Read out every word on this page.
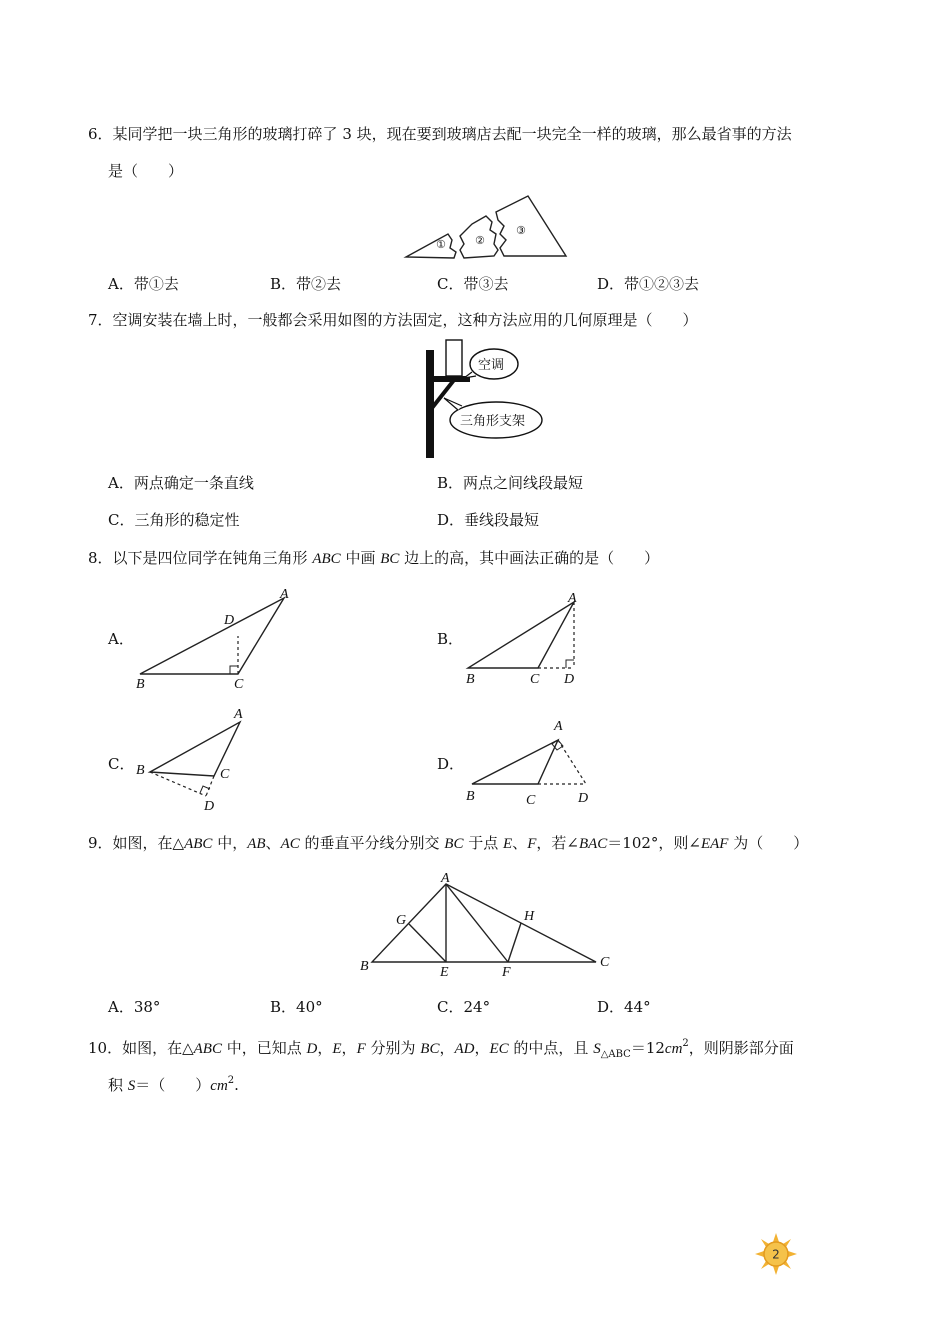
6．某同学把一块三角形的玻璃打碎了 3 块，现在要到玻璃店去配一块完全一样的玻璃，那么最省事的方法
是（　　）
①	②
③
A．带①去	B．带②去	C．带③去	D．带①②③去
7．空调安装在墙上时，一般都会采用如图的方法固定，这种方法应用的几何原理是（　　）
空调
三角形支架
A．两点确定一条直线	B．两点之间线段最短
C．三角形的稳定性	D．垂线段最短
8．以下是四位同学在钝角三角形 ABC 中画 BC 边上的高，其中画法正确的是（　　）
A．
A
B	C
D
B．
A
B	C D
C．
A
B	C
D
D．
A
B	C	D
9．如图，在△ABC 中，AB、AC 的垂直平分线分别交 BC 于点 E、F，若∠BAC＝102°，则∠EAF 为（　　）
A
B	C
E	F
G	H
A．38°	B．40°	C．24°	D．44°
10．如图，在△ABC 中，已知点 D，E，F 分别为 BC，AD，EC 的中点，且 $S_{\triangle ABC}=12cm^2$，则阴影部分面
积 S＝（　　）$cm^2$.
2
